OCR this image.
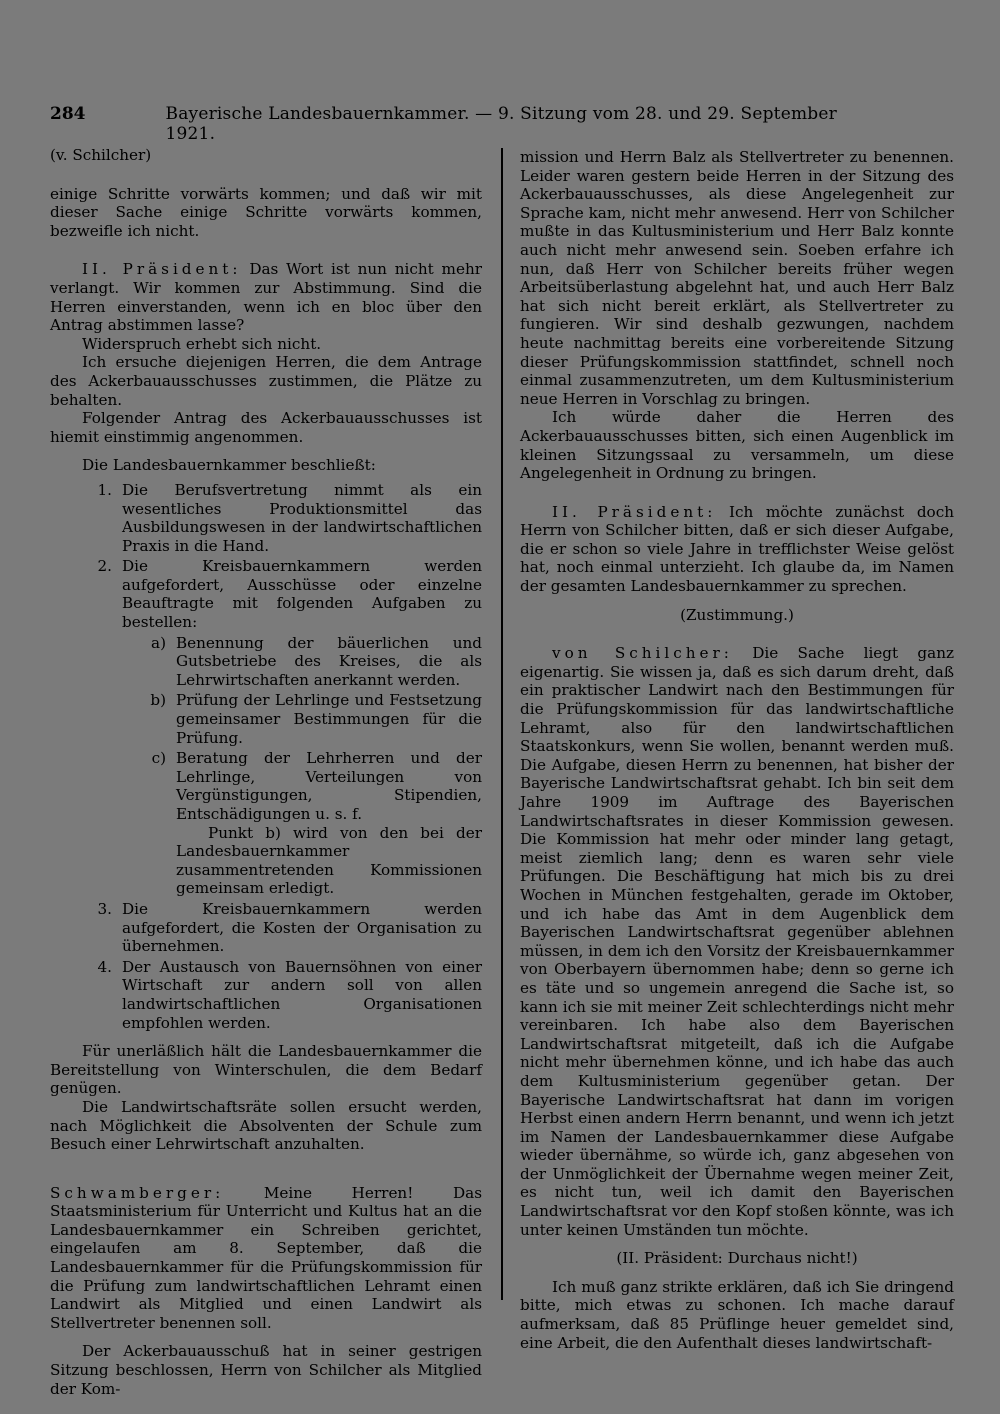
284	Bayerische Landesbauernkammer. — 9. Sitzung vom 28. und 29. September 1921.

(v. Schilcher)

einige Schritte vorwärts kommen; und daß wir mit dieser Sache einige Schritte vorwärts kommen, bezweifle ich nicht.

II. Präsident: Das Wort ist nun nicht mehr verlangt. Wir kommen zur Abstimmung. Sind die Herren einverstanden, wenn ich en bloc über den Antrag abstimmen lasse?

Widerspruch erhebt sich nicht.

Ich ersuche diejenigen Herren, die dem Antrage des Ackerbauausschusses zustimmen, die Plätze zu behalten.

Folgender Antrag des Ackerbauausschusses ist hiemit einstimmig angenommen.

Die Landesbauernkammer beschließt:

1. Die Berufsvertretung nimmt als ein wesentliches Produktionsmittel das Ausbildungswesen in der landwirtschaftlichen Praxis in die Hand.
2. Die Kreisbauernkammern werden aufgefordert, Ausschüsse oder einzelne Beauftragte mit folgenden Aufgaben zu bestellen:
a) Benennung der bäuerlichen und Gutsbetriebe des Kreises, die als Lehrwirtschaften anerkannt werden.
b) Prüfung der Lehrlinge und Festsetzung gemeinsamer Bestimmungen für die Prüfung.
c) Beratung der Lehrherren und der Lehrlinge, Verteilungen von Vergünstigungen, Stipendien, Entschädigungen u. s. f.

Punkt b) wird von den bei der Landesbauernkammer zusammentretenden Kommissionen gemeinsam erledigt.

3. Die Kreisbauernkammern werden aufgefordert, die Kosten der Organisation zu übernehmen.
4. Der Austausch von Bauernsöhnen von einer Wirtschaft zur andern soll von allen landwirtschaftlichen Organisationen empfohlen werden.

Für unerläßlich hält die Landesbauernkammer die Bereitstellung von Winterschulen, die dem Bedarf genügen.

Die Landwirtschaftsräte sollen ersucht werden, nach Möglichkeit die Absolventen der Schule zum Besuch einer Lehrwirtschaft anzuhalten.

Schwamberger: Meine Herren! Das Staatsministerium für Unterricht und Kultus hat an die Landesbauernkammer ein Schreiben gerichtet, eingelaufen am 8. September, daß die Landesbauernkammer für die Prüfungskommission für die Prüfung zum landwirtschaftlichen Lehramt einen Landwirt als Mitglied und einen Landwirt als Stellvertreter benennen soll.

Der Ackerbauausschuß hat in seiner gestrigen Sitzung beschlossen, Herrn von Schilcher als Mitglied der Kom-

mission und Herrn Balz als Stellvertreter zu benennen. Leider waren gestern beide Herren in der Sitzung des Ackerbauausschusses, als diese Angelegenheit zur Sprache kam, nicht mehr anwesend. Herr von Schilcher mußte in das Kultusministerium und Herr Balz konnte auch nicht mehr anwesend sein. Soeben erfahre ich nun, daß Herr von Schilcher bereits früher wegen Arbeitsüberlastung abgelehnt hat, und auch Herr Balz hat sich nicht bereit erklärt, als Stellvertreter zu fungieren. Wir sind deshalb gezwungen, nachdem heute nachmittag bereits eine vorbereitende Sitzung dieser Prüfungskommission stattfindet, schnell noch einmal zusammenzutreten, um dem Kultusministerium neue Herren in Vorschlag zu bringen.

Ich würde daher die Herren des Ackerbauausschusses bitten, sich einen Augenblick im kleinen Sitzungssaal zu versammeln, um diese Angelegenheit in Ordnung zu bringen.

II. Präsident: Ich möchte zunächst doch Herrn von Schilcher bitten, daß er sich dieser Aufgabe, die er schon so viele Jahre in trefflichster Weise gelöst hat, noch einmal unterzieht. Ich glaube da, im Namen der gesamten Landesbauernkammer zu sprechen.

(Zustimmung.)

von Schilcher: Die Sache liegt ganz eigenartig. Sie wissen ja, daß es sich darum dreht, daß ein praktischer Landwirt nach den Bestimmungen für die Prüfungskommission für das landwirtschaftliche Lehramt, also für den landwirtschaftlichen Staatskonkurs, wenn Sie wollen, benannt werden muß. Die Aufgabe, diesen Herrn zu benennen, hat bisher der Bayerische Landwirtschaftsrat gehabt. Ich bin seit dem Jahre 1909 im Auftrage des Bayerischen Landwirtschaftsrates in dieser Kommission gewesen. Die Kommission hat mehr oder minder lang getagt, meist ziemlich lang; denn es waren sehr viele Prüfungen. Die Beschäftigung hat mich bis zu drei Wochen in München festgehalten, gerade im Oktober, und ich habe das Amt in dem Augenblick dem Bayerischen Landwirtschaftsrat gegenüber ablehnen müssen, in dem ich den Vorsitz der Kreisbauernkammer von Oberbayern übernommen habe; denn so gerne ich es täte und so ungemein anregend die Sache ist, so kann ich sie mit meiner Zeit schlechterdings nicht mehr vereinbaren. Ich habe also dem Bayerischen Landwirtschaftsrat mitgeteilt, daß ich die Aufgabe nicht mehr übernehmen könne, und ich habe das auch dem Kultusministerium gegenüber getan. Der Bayerische Landwirtschaftsrat hat dann im vorigen Herbst einen andern Herrn benannt, und wenn ich jetzt im Namen der Landesbauernkammer diese Aufgabe wieder übernähme, so würde ich, ganz abgesehen von der Unmöglichkeit der Übernahme wegen meiner Zeit, es nicht tun, weil ich damit den Bayerischen Landwirtschaftsrat vor den Kopf stoßen könnte, was ich unter keinen Umständen tun möchte.

(II. Präsident: Durchaus nicht!)

Ich muß ganz strikte erklären, daß ich Sie dringend bitte, mich etwas zu schonen. Ich mache darauf aufmerksam, daß 85 Prüflinge heuer gemeldet sind, eine Arbeit, die den Aufenthalt dieses landwirtschaft-
